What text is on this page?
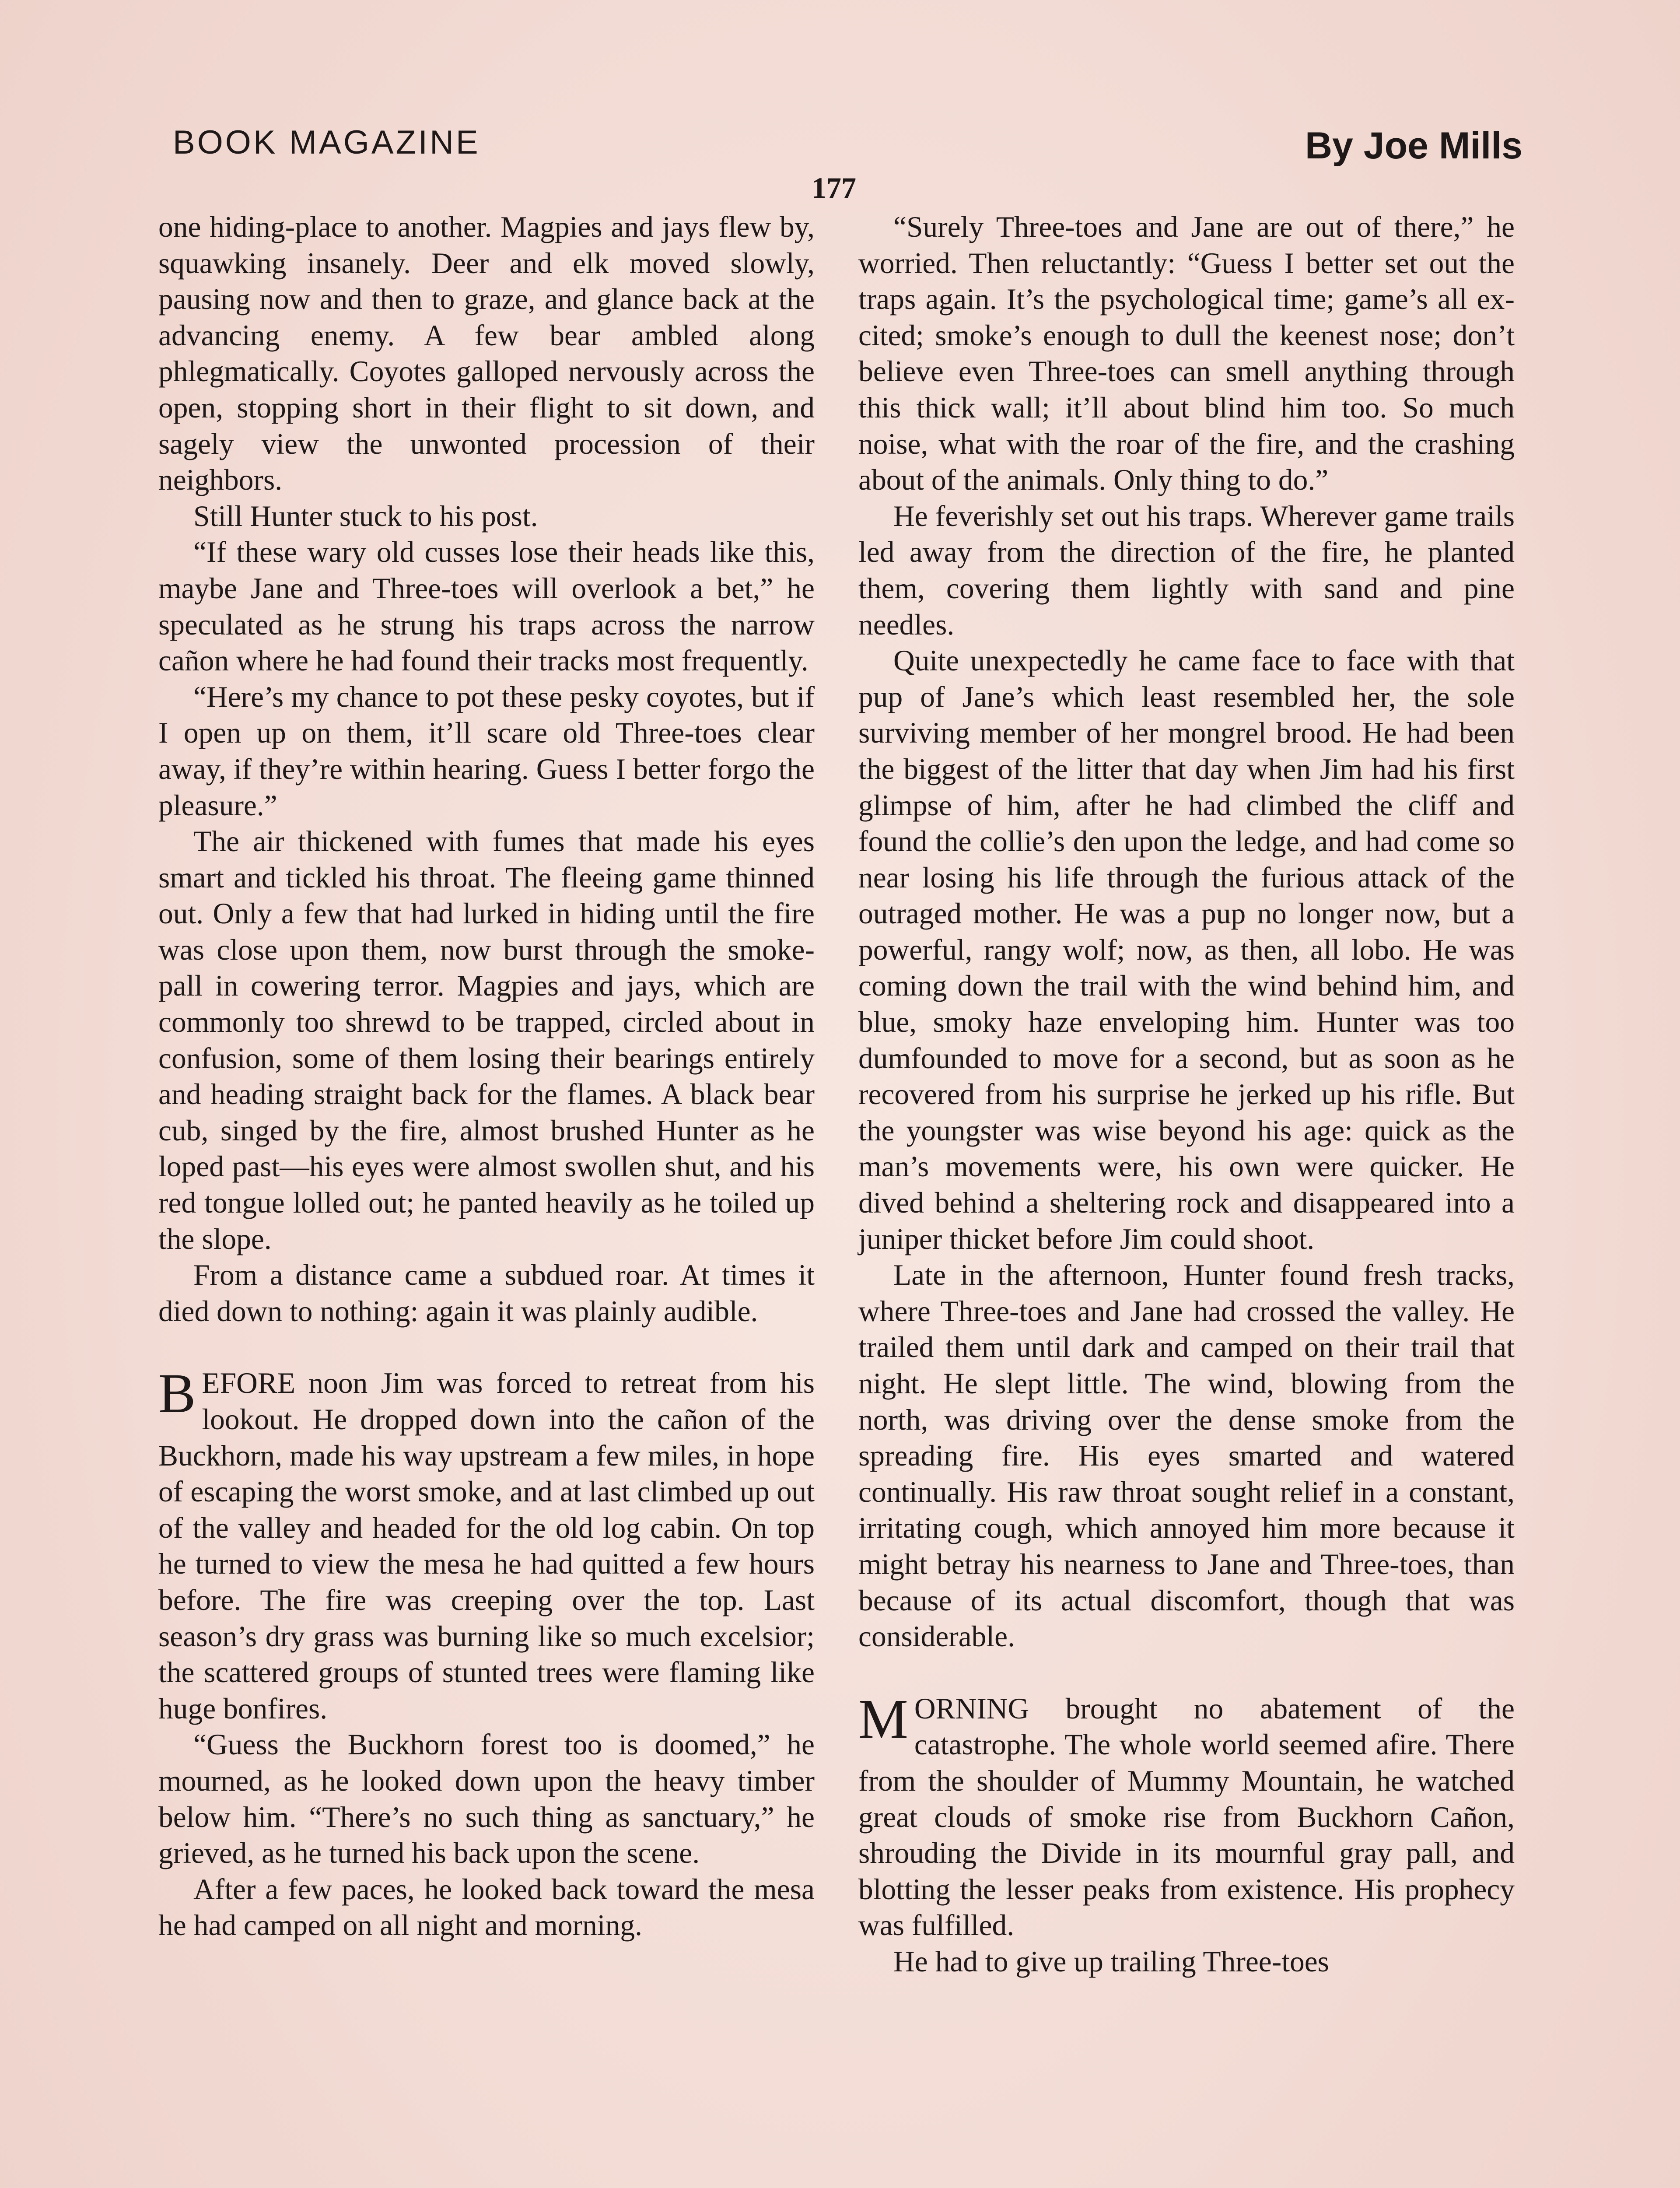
BOOK MAGAZINE	By Joe Mills
177

one hiding-place to another. Magpies and jays flew by, squawking insanely. Deer and elk moved slowly, pausing now and then to graze, and glance back at the advancing enemy. A few bear ambled along phlegmatically. Coyotes galloped nervously across the open, stopping short in their flight to sit down, and sagely view the unwonted procession of their neighbors.

Still Hunter stuck to his post.

“If these wary old cusses lose their heads like this, maybe Jane and Three-toes will overlook a bet,” he speculated as he strung his traps across the narrow cañon where he had found their tracks most frequently.

“Here’s my chance to pot these pesky coyotes, but if I open up on them, it’ll scare old Three-toes clear away, if they’re within hearing. Guess I better forgo the pleasure.”

The air thickened with fumes that made his eyes smart and tickled his throat. The fleeing game thinned out. Only a few that had lurked in hiding until the fire was close upon them, now burst through the smoke-pall in cowering terror. Magpies and jays, which are commonly too shrewd to be trapped, circled about in confusion, some of them losing their bearings entirely and heading straight back for the flames. A black bear cub, singed by the fire, almost brushed Hunter as he loped past—his eyes were almost swollen shut, and his red tongue lolled out; he panted heavily as he toiled up the slope.

From a distance came a subdued roar. At times it died down to nothing: again it was plainly audible.

BEFORE noon Jim was forced to retreat from his lookout. He dropped down into the cañon of the Buckhorn, made his way upstream a few miles, in hope of escaping the worst smoke, and at last climbed up out of the valley and headed for the old log cabin. On top he turned to view the mesa he had quitted a few hours before. The fire was creeping over the top. Last season’s dry grass was burning like so much excelsior; the scattered groups of stunted trees were flaming like huge bonfires.

“Guess the Buckhorn forest too is doomed,” he mourned, as he looked down upon the heavy timber below him. “There’s no such thing as sanctuary,” he grieved, as he turned his back upon the scene.

After a few paces, he looked back toward the mesa he had camped on all night and morning.

“Surely Three-toes and Jane are out of there,” he worried. Then reluctantly: “Guess I better set out the traps again. It’s the psychological time; game’s all excited; smoke’s enough to dull the keenest nose; don’t believe even Three-toes can smell anything through this thick wall; it’ll about blind him too. So much noise, what with the roar of the fire, and the crashing about of the animals. Only thing to do.”

He feverishly set out his traps. Wherever game trails led away from the direction of the fire, he planted them, covering them lightly with sand and pine needles.

Quite unexpectedly he came face to face with that pup of Jane’s which least resembled her, the sole surviving member of her mongrel brood. He had been the biggest of the litter that day when Jim had his first glimpse of him, after he had climbed the cliff and found the collie’s den upon the ledge, and had come so near losing his life through the furious attack of the outraged mother. He was a pup no longer now, but a powerful, rangy wolf; now, as then, all lobo. He was coming down the trail with the wind behind him, and blue, smoky haze enveloping him. Hunter was too dumfounded to move for a second, but as soon as he recovered from his surprise he jerked up his rifle. But the youngster was wise beyond his age: quick as the man’s movements were, his own were quicker. He dived behind a sheltering rock and disappeared into a juniper thicket before Jim could shoot.

Late in the afternoon, Hunter found fresh tracks, where Three-toes and Jane had crossed the valley. He trailed them until dark and camped on their trail that night. He slept little. The wind, blowing from the north, was driving over the dense smoke from the spreading fire. His eyes smarted and watered continually. His raw throat sought relief in a constant, irritating cough, which annoyed him more because it might betray his nearness to Jane and Three-toes, than because of its actual discomfort, though that was considerable.

MORNING brought no abatement of the catastrophe. The whole world seemed afire. There from the shoulder of Mummy Mountain, he watched great clouds of smoke rise from Buckhorn Cañon, shrouding the Divide in its mournful gray pall, and blotting the lesser peaks from existence. His prophecy was fulfilled.

He had to give up trailing Three-toes
